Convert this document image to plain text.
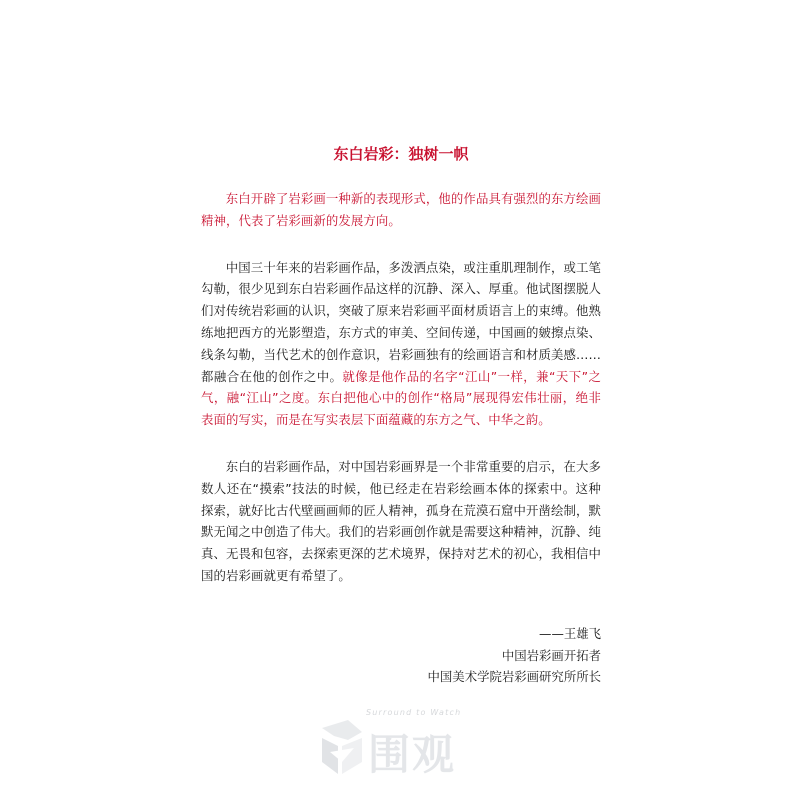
东白岩彩：独树一帜

东白开辟了岩彩画一种新的表现形式，他的作品具有强烈的东方绘画精神，代表了岩彩画新的发展方向。

中国三十年来的岩彩画作品，多泼洒点染，或注重肌理制作，或工笔勾勒，很少见到东白岩彩画作品这样的沉静、深入、厚重。他试图摆脱人们对传统岩彩画的认识，突破了原来岩彩画平面材质语言上的束缚。他熟练地把西方的光影塑造，东方式的审美、空间传递，中国画的皴擦点染、线条勾勒，当代艺术的创作意识，岩彩画独有的绘画语言和材质美感……都融合在他的创作之中。就像是他作品的名字“江山”一样，兼“天下”之气，融“江山”之度。东白把他心中的创作“格局”展现得宏伟壮丽，绝非表面的写实，而是在写实表层下面蕴藏的东方之气、中华之韵。

东白的岩彩画作品，对中国岩彩画界是一个非常重要的启示，在大多数人还在“摸索”技法的时候，他已经走在岩彩绘画本体的探索中。这种探索，就好比古代壁画画师的匠人精神，孤身在荒漠石窟中开凿绘制，默默无闻之中创造了伟大。我们的岩彩画创作就是需要这种精神，沉静、纯真、无畏和包容，去探索更深的艺术境界，保持对艺术的初心，我相信中国的岩彩画就更有希望了。

——王雄飞
中国岩彩画开拓者
中国美术学院岩彩画研究所所长
Surround to Watch
围观
